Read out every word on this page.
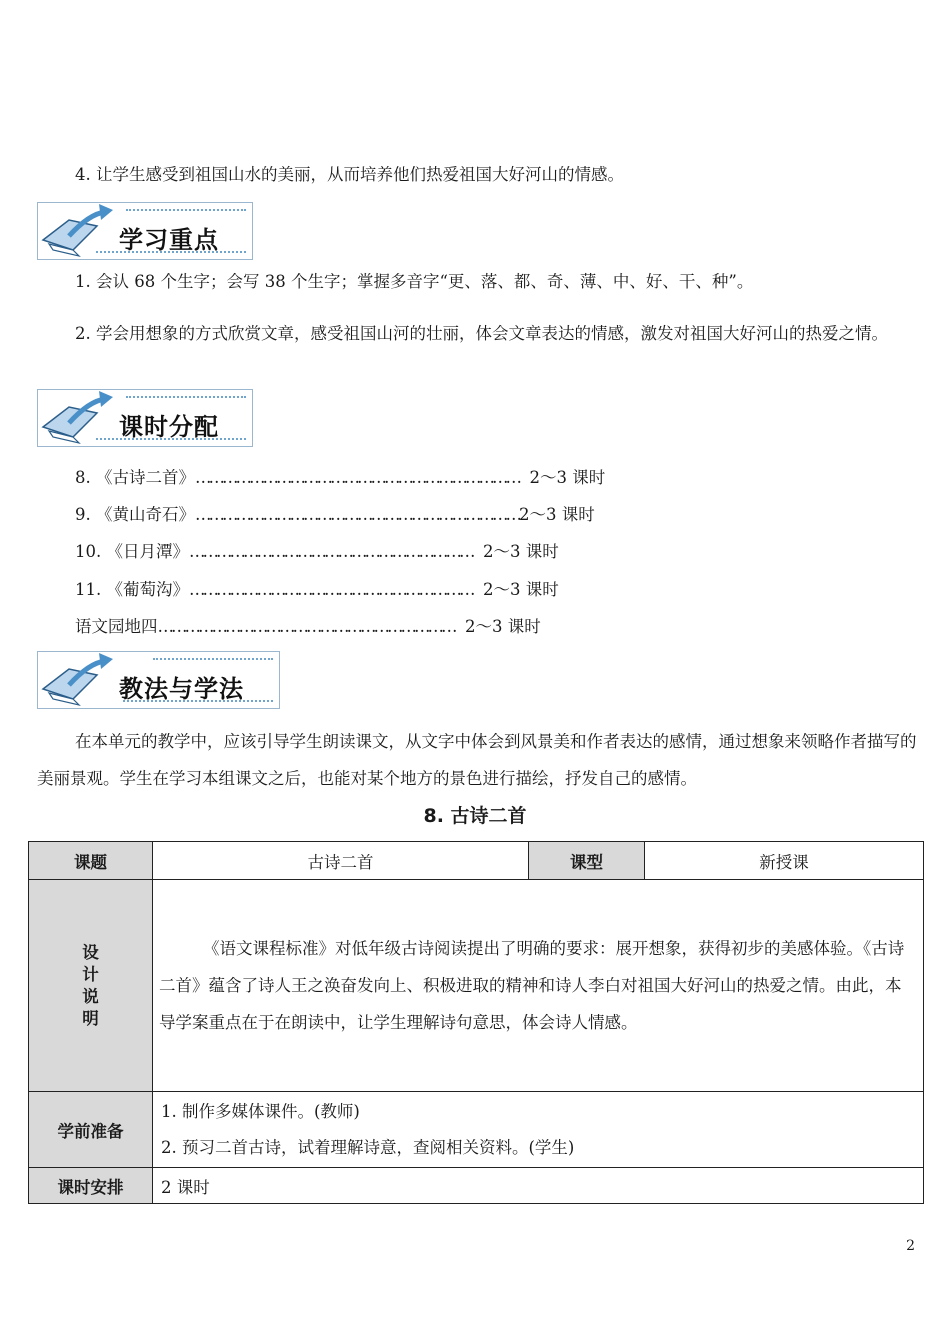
4. 让学生感受到祖国山水的美丽，从而培养他们热爱祖国大好河山的情感。
学习重点
1. 会认 68 个生字；会写 38 个生字；掌握多音字“更、落、都、奇、薄、中、好、干、种”。
2. 学会用想象的方式欣赏文章，感受祖国山河的壮丽，体会文章表达的情感，激发对祖国大好河山的热爱之情。
课时分配
8. 《古诗二首》……………………………………………………………… 2～3 课时
9. 《黄山奇石》………………………………………………………………2～3 课时
10. 《日月潭》……………………………………………………… 2～3 课时
11. 《葡萄沟》……………………………………………………… 2～3 课时
语文园地四………………………………………………………… 2～3 课时
教法与学法
在本单元的教学中，应该引导学生朗读课文，从文字中体会到风景美和作者表达的感情，通过想象来领略作者描写的美丽景观。学生在学习本组课文之后，也能对某个地方的景色进行描绘，抒发自己的感情。
8. 古诗二首
课题	古诗二首	课型	新授课
设
计
说
明	《语文课程标准》对低年级古诗阅读提出了明确的要求：展开想象，获得初步的美感体验。《古诗二首》蕴含了诗人王之涣奋发向上、积极进取的精神和诗人李白对祖国大好河山的热爱之情。由此，本导学案重点在于在朗读中，让学生理解诗句意思，体会诗人情感。		
学前准备	1. 制作多媒体课件。(教师)
2. 预习二首古诗，试着理解诗意，查阅相关资料。(学生)		

课时安排	2 课时		
2
